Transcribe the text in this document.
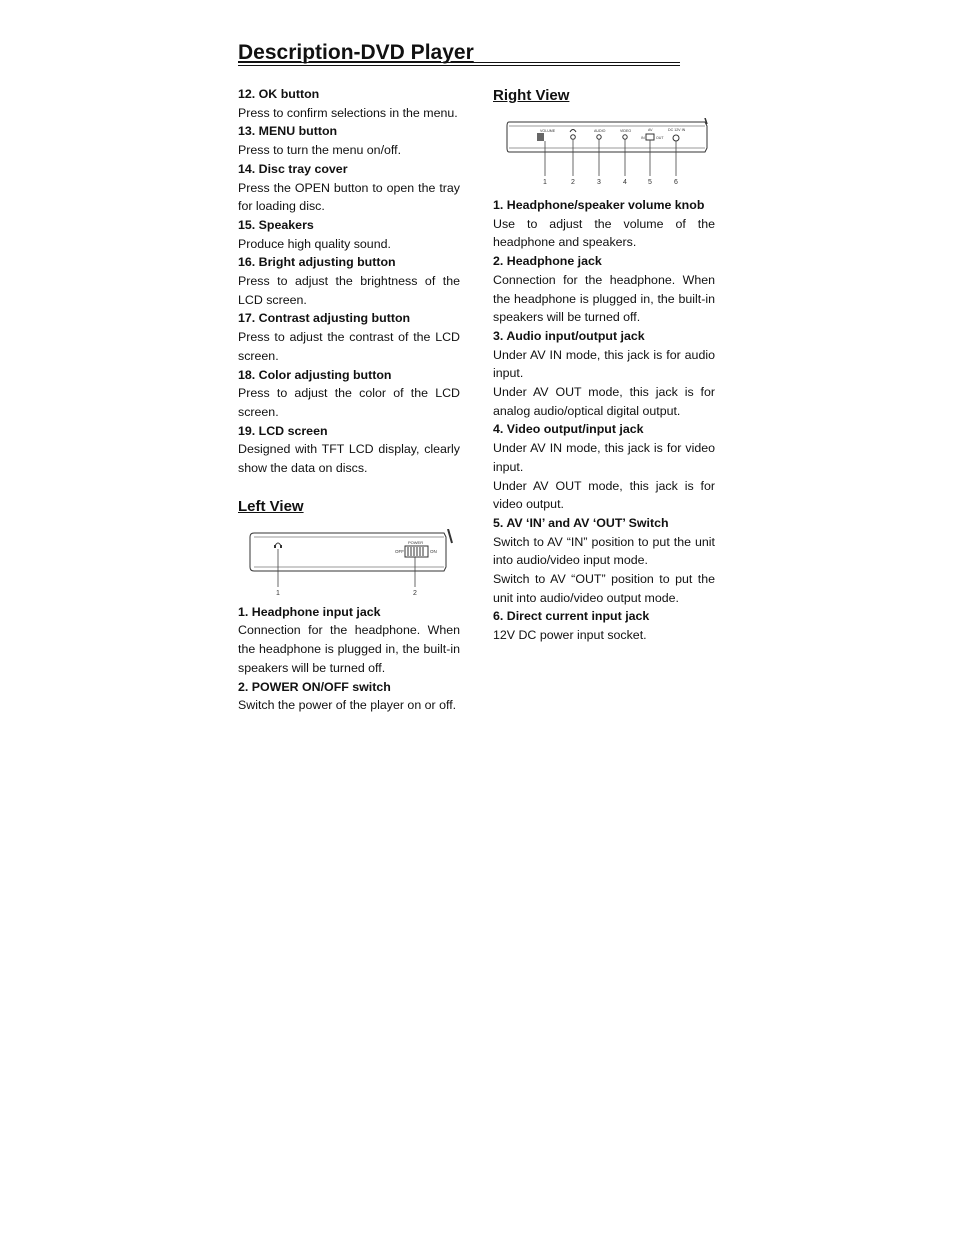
Description-DVD Player

12. OK button

Press to confirm selections in the menu.

13. MENU button

Press to turn the menu on/off.

14. Disc tray cover

Press the OPEN button to open the tray for loading disc.

15. Speakers

Produce high quality sound.

16. Bright adjusting button

Press to adjust the brightness of the LCD screen.

17. Contrast adjusting button

Press to adjust the contrast of the LCD screen.

18. Color adjusting button

Press to adjust the color of the LCD screen.

19. LCD screen

Designed with TFT LCD display, clearly show the data on discs.

Left View
OFF
POWER
ON
1	2

1. Headphone input jack

Connection for the headphone. When the headphone is plugged in, the built-in speakers will be turned off.

2. POWER ON/OFF switch

Switch the power of the player on or off.

Right View
VOLUME	AUDIO	VIDEO	AV
IN	OUT
DC 12V IN
1	2	3	4	5	6

1. Headphone/speaker volume knob

Use to adjust the volume of the headphone and speakers.

2. Headphone jack

Connection for the headphone. When the headphone is plugged in, the built-in speakers will be turned off.

3. Audio input/output jack

Under AV IN mode, this jack is for audio input.

Under AV OUT mode, this jack is for analog audio/optical digital output.

4. Video output/input jack

Under AV IN mode, this jack is for video input.

Under AV OUT mode, this jack is for video output.

5. AV ‘IN’ and AV ‘OUT’ Switch

Switch to AV “IN” position to put the unit into audio/video input mode.

Switch to AV “OUT” position to put the unit into audio/video output mode.

6. Direct current input jack

12V DC power input socket.
